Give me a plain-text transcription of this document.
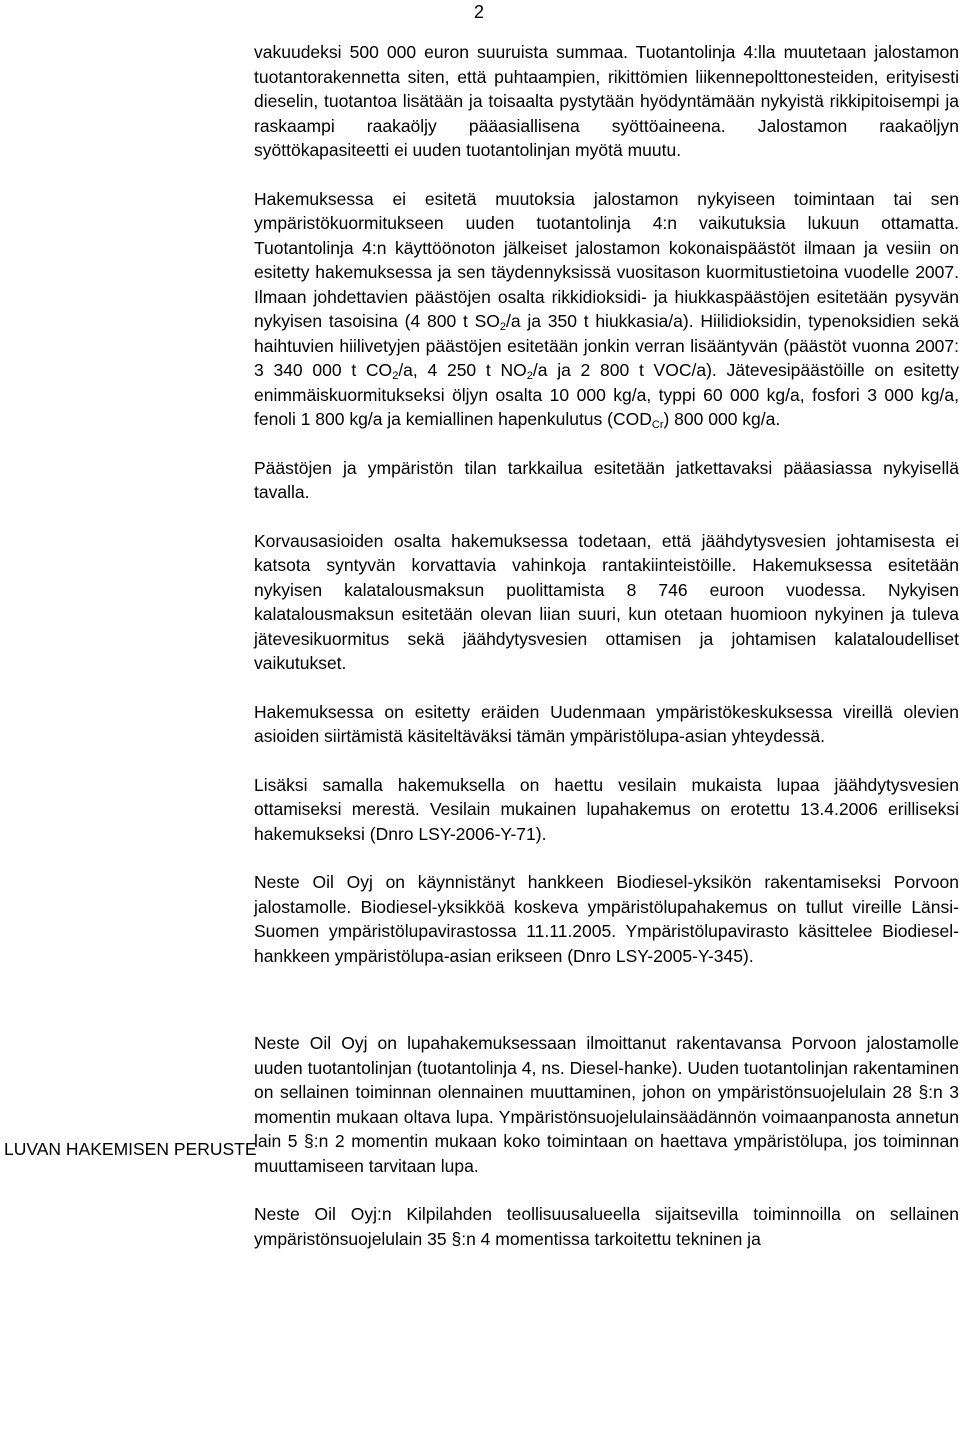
2
LUVAN HAKEMISEN PERUSTE

vakuudeksi 500 000 euron suuruista summaa. Tuotantolinja 4:lla muutetaan jalostamon tuotantorakennetta siten, että puhtaampien, rikittömien liikennepolttonesteiden, erityisesti dieselin, tuotantoa lisätään ja toisaalta pystytään hyödyntämään nykyistä rikkipitoisempi ja raskaampi raakaöljy pääasiallisena syöttöaineena. Jalostamon raakaöljyn syöttökapasiteetti ei uuden tuotantolinjan myötä muutu.

Hakemuksessa ei esitetä muutoksia jalostamon nykyiseen toimintaan tai sen ympäristökuormitukseen uuden tuotantolinja 4:n vaikutuksia lukuun ottamatta. Tuotantolinja 4:n käyttöönoton jälkeiset jalostamon kokonaispäästöt ilmaan ja vesiin on esitetty hakemuksessa ja sen täydennyksissä vuositason kuormitustietoina vuodelle 2007. Ilmaan johdettavien päästöjen osalta rikkidioksidi- ja hiukkaspäästöjen esitetään pysyvän nykyisen tasoisina (4 800 t $SO_2/a$ ja 350 t hiukkasia/a). Hiilidioksidin, typenoksidien sekä haihtuvien hiilivetyjen päästöjen esitetään jonkin verran lisääntyvän (päästöt vuonna 2007: 3 340 000 t $CO_2/a$, 4 250 t $NO_2/a$ ja 2 800 t VOC/a). Jätevesipäästöille on esitetty enimmäiskuormitukseksi öljyn osalta 10 000 kg/a, typpi 60 000 kg/a, fosfori 3 000 kg/a, fenoli 1 800 kg/a ja kemiallinen hapenkulutus $(COD_{Cr})$ 800 000 kg/a.

Päästöjen ja ympäristön tilan tarkkailua esitetään jatkettavaksi pääasiassa nykyisellä tavalla.

Korvausasioiden osalta hakemuksessa todetaan, että jäähdytysvesien johtamisesta ei katsota syntyvän korvattavia vahinkoja rantakiinteistöille. Hakemuksessa esitetään nykyisen kalatalousmaksun puolittamista 8 746 euroon vuodessa. Nykyisen kalatalousmaksun esitetään olevan liian suuri, kun otetaan huomioon nykyinen ja tuleva jätevesikuormitus sekä jäähdytysvesien ottamisen ja johtamisen kalataloudelliset vaikutukset.

Hakemuksessa on esitetty eräiden Uudenmaan ympäristökeskuksessa vireillä olevien asioiden siirtämistä käsiteltäväksi tämän ympäristölupa-asian yhteydessä.

Lisäksi samalla hakemuksella on haettu vesilain mukaista lupaa jäähdytysvesien ottamiseksi merestä. Vesilain mukainen lupahakemus on erotettu 13.4.2006 erilliseksi hakemukseksi (Dnro LSY-2006-Y-71).

Neste Oil Oyj on käynnistänyt hankkeen Biodiesel-yksikön rakentamiseksi Porvoon jalostamolle. Biodiesel-yksikköä koskeva ympäristölupahakemus on tullut vireille Länsi-Suomen ympäristölupavirastossa 11.11.2005. Ympäristölupavirasto käsittelee Biodiesel-hankkeen ympäristölupa-asian erikseen (Dnro LSY-2005-Y-345).

Neste Oil Oyj on lupahakemuksessaan ilmoittanut rakentavansa Porvoon jalostamolle uuden tuotantolinjan (tuotantolinja 4, ns. Diesel-hanke). Uuden tuotantolinjan rakentaminen on sellainen toiminnan olennainen muuttaminen, johon on ympäristönsuojelulain 28 §:n 3 momentin mukaan oltava lupa. Ympäristönsuojelulainsäädännön voimaanpanosta annetun lain 5 §:n 2 momentin mukaan koko toimintaan on haettava ympäristölupa, jos toiminnan muuttamiseen tarvitaan lupa.

Neste Oil Oyj:n Kilpilahden teollisuusalueella sijaitsevilla toiminnoilla on sellainen ympäristönsuojelulain 35 §:n 4 momentissa tarkoitettu tekninen ja
